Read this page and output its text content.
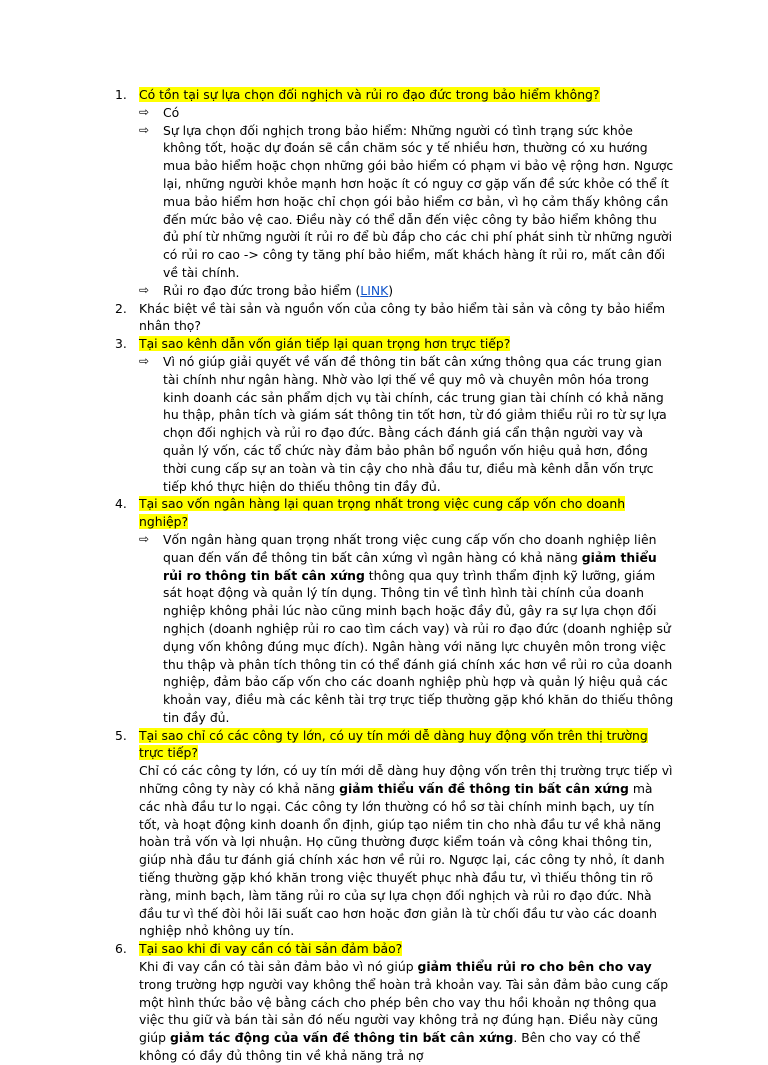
1. Có tồn tại sự lựa chọn đối nghịch và rủi ro đạo đức trong bảo hiểm không?
⇨ Có
⇨ Sự lựa chọn đối nghịch trong bảo hiểm: Những người có tình trạng sức khỏe không tốt, hoặc dự đoán sẽ cần chăm sóc y tế nhiều hơn, thường có xu hướng mua bảo hiểm hoặc chọn những gói bảo hiểm có phạm vi bảo vệ rộng hơn. Ngược lại, những người khỏe mạnh hơn hoặc ít có nguy cơ gặp vấn đề sức khỏe có thể ít mua bảo hiểm hơn hoặc chỉ chọn gói bảo hiểm cơ bản, vì họ cảm thấy không cần đến mức bảo vệ cao. Điều này có thể dẫn đến việc công ty bảo hiểm không thu đủ phí từ những người ít rủi ro để bù đắp cho các chi phí phát sinh từ những người có rủi ro cao -> công ty tăng phí bảo hiểm, mất khách hàng ít rủi ro, mất cân đối về tài chính.
⇨ Rủi ro đạo đức trong bảo hiểm (LINK)
2. Khác biệt về tài sản và nguồn vốn của công ty bảo hiểm tài sản và công ty bảo hiểm nhân thọ?
3. Tại sao kênh dẫn vốn gián tiếp lại quan trọng hơn trực tiếp?
⇨ Vì nó giúp giải quyết về vấn đề thông tin bất cân xứng thông qua các trung gian tài chính như ngân hàng. Nhờ vào lợi thế về quy mô và chuyên môn hóa trong kinh doanh các sản phẩm dịch vụ tài chính, các trung gian tài chính có khả năng hu thập, phân tích và giám sát thông tin tốt hơn, từ đó giảm thiểu rủi ro từ sự lựa chọn đối nghịch và rủi ro đạo đức. Bằng cách đánh giá cẩn thận người vay và quản lý vốn, các tổ chức này đảm bảo phân bổ nguồn vốn hiệu quả hơn, đồng thời cung cấp sự an toàn và tin cậy cho nhà đầu tư, điều mà kênh dẫn vốn trực tiếp khó thực hiện do thiếu thông tin đầy đủ.
4. Tại sao vốn ngân hàng lại quan trọng nhất trong việc cung cấp vốn cho doanh nghiệp?
⇨ Vốn ngân hàng quan trọng nhất trong việc cung cấp vốn cho doanh nghiệp liên quan đến vấn đề thông tin bất cân xứng vì ngân hàng có khả năng giảm thiểu rủi ro thông tin bất cân xứng thông qua quy trình thẩm định kỹ lưỡng, giám sát hoạt động và quản lý tín dụng. Thông tin về tình hình tài chính của doanh nghiệp không phải lúc nào cũng minh bạch hoặc đầy đủ, gây ra sự lựa chọn đối nghịch (doanh nghiệp rủi ro cao tìm cách vay) và rủi ro đạo đức (doanh nghiệp sử dụng vốn không đúng mục đích). Ngân hàng với năng lực chuyên môn trong việc thu thập và phân tích thông tin có thể đánh giá chính xác hơn về rủi ro của doanh nghiệp, đảm bảo cấp vốn cho các doanh nghiệp phù hợp và quản lý hiệu quả các khoản vay, điều mà các kênh tài trợ trực tiếp thường gặp khó khăn do thiếu thông tin đầy đủ.
5. Tại sao chỉ có các công ty lớn, có uy tín mới dễ dàng huy động vốn trên thị trường trực tiếp?
Chỉ có các công ty lớn, có uy tín mới dễ dàng huy động vốn trên thị trường trực tiếp vì những công ty này có khả năng giảm thiểu vấn đề thông tin bất cân xứng mà các nhà đầu tư lo ngại. Các công ty lớn thường có hồ sơ tài chính minh bạch, uy tín tốt, và hoạt động kinh doanh ổn định, giúp tạo niềm tin cho nhà đầu tư về khả năng hoàn trả vốn và lợi nhuận. Họ cũng thường được kiểm toán và công khai thông tin, giúp nhà đầu tư đánh giá chính xác hơn về rủi ro. Ngược lại, các công ty nhỏ, ít danh tiếng thường gặp khó khăn trong việc thuyết phục nhà đầu tư, vì thiếu thông tin rõ ràng, minh bạch, làm tăng rủi ro của sự lựa chọn đối nghịch và rủi ro đạo đức. Nhà đầu tư vì thế đòi hỏi lãi suất cao hơn hoặc đơn giản là từ chối đầu tư vào các doanh nghiệp nhỏ không uy tín.
6. Tại sao khi đi vay cần có tài sản đảm bảo?
Khi đi vay cần có tài sản đảm bảo vì nó giúp giảm thiểu rủi ro cho bên cho vay trong trường hợp người vay không thể hoàn trả khoản vay. Tài sản đảm bảo cung cấp một hình thức bảo vệ bằng cách cho phép bên cho vay thu hồi khoản nợ thông qua việc thu giữ và bán tài sản đó nếu người vay không trả nợ đúng hạn. Điều này cũng giúp giảm tác động của vấn đề thông tin bất cân xứng. Bên cho vay có thể không có đầy đủ thông tin về khả năng trả nợ
